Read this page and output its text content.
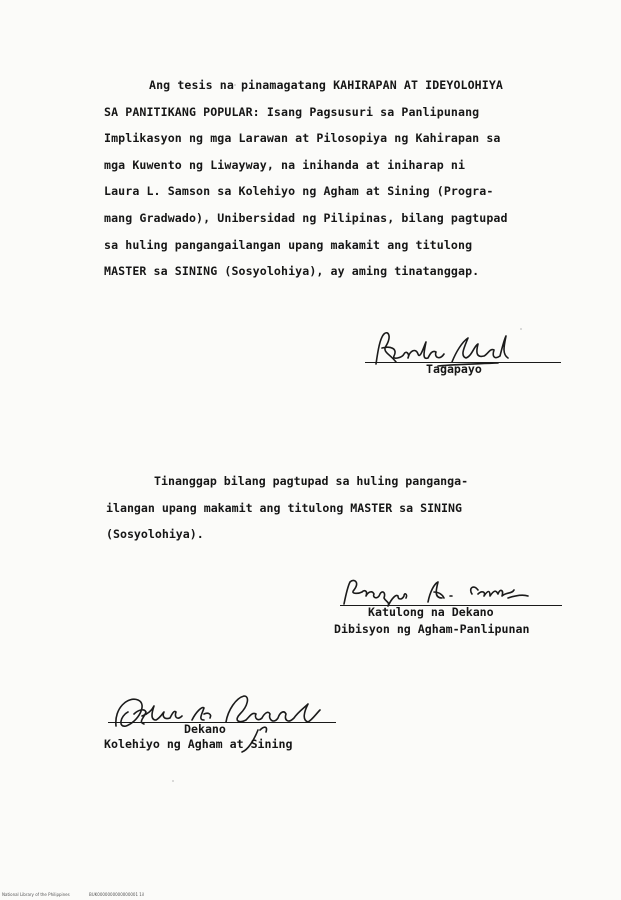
Ang tesis na pinamagatang KAHIRAPAN AT IDEYOLOHIYA
SA PANITIKANG POPULAR: Isang Pagsusuri sa Panlipunang
Implikasyon ng mga Larawan at Pilosopiya ng Kahirapan sa
mga Kuwento ng Liwayway, na inihanda at iniharap ni
Laura L. Samson sa Kolehiyo ng Agham at Sining (Progra-
mang Gradwado), Unibersidad ng Pilipinas, bilang pagtupad
sa huling pangangailangan upang makamit ang titulong
MASTER sa SINING (Sosyolohiya), ay aming tinatanggap.
Tagapayo
Tinanggap bilang pagtupad sa huling panganga-
ilangan upang makamit ang titulong MASTER sa SINING
(Sosyolohiya).
Katulong na Dekano
Dibisyon ng Agham-Panlipunan
Dekano
Kolehiyo ng Agham at Sining
National Library of the Philippines	BUK0000000000000001 1il
